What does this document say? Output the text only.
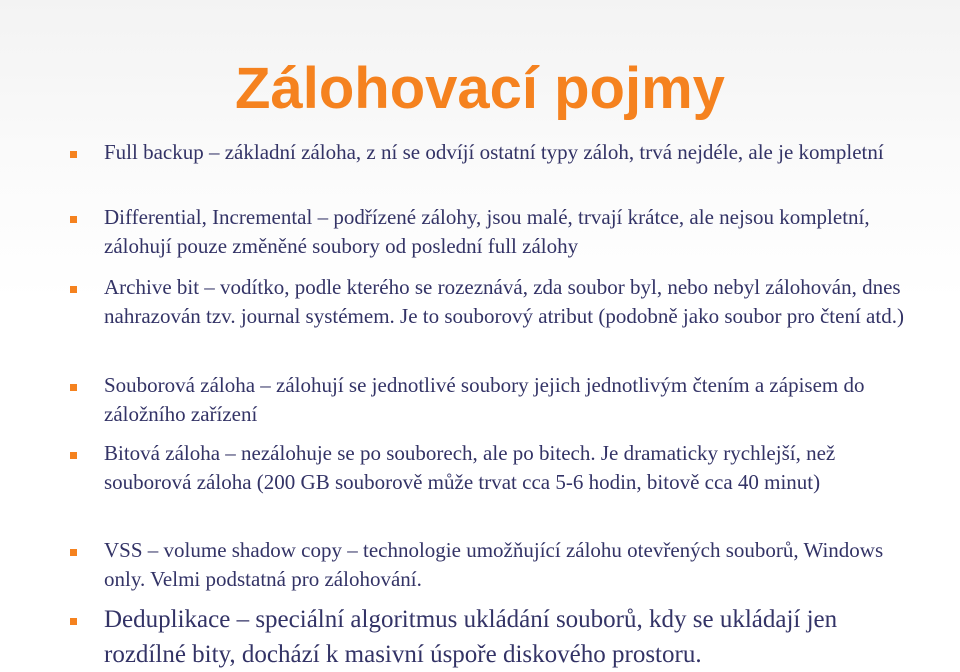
Zálohovací pojmy
Full backup – základní záloha, z ní se odvíjí ostatní typy záloh, trvá nejdéle, ale je kompletní
Differential, Incremental – podřízené zálohy, jsou malé, trvají krátce, ale nejsou kompletní, zálohují pouze změněné soubory od poslední full zálohy
Archive bit – vodítko, podle kterého se rozeznává, zda soubor byl, nebo nebyl zálohován, dnes nahrazován tzv. journal systémem. Je to souborový atribut (podobně jako soubor pro čtení atd.)
Souborová záloha – zálohují se jednotlivé soubory jejich jednotlivým čtením a zápisem do záložního zařízení
Bitová záloha – nezálohuje se po souborech, ale po bitech. Je dramaticky rychlejší, než souborová záloha (200 GB souborově může trvat cca 5-6 hodin, bitově cca 40 minut)
VSS – volume shadow copy – technologie umožňující zálohu otevřených souborů, Windows only. Velmi podstatná pro zálohování.
Deduplikace – speciální algoritmus ukládání souborů, kdy se ukládají jen rozdílné bity, dochází k masivní úspoře diskového prostoru.
